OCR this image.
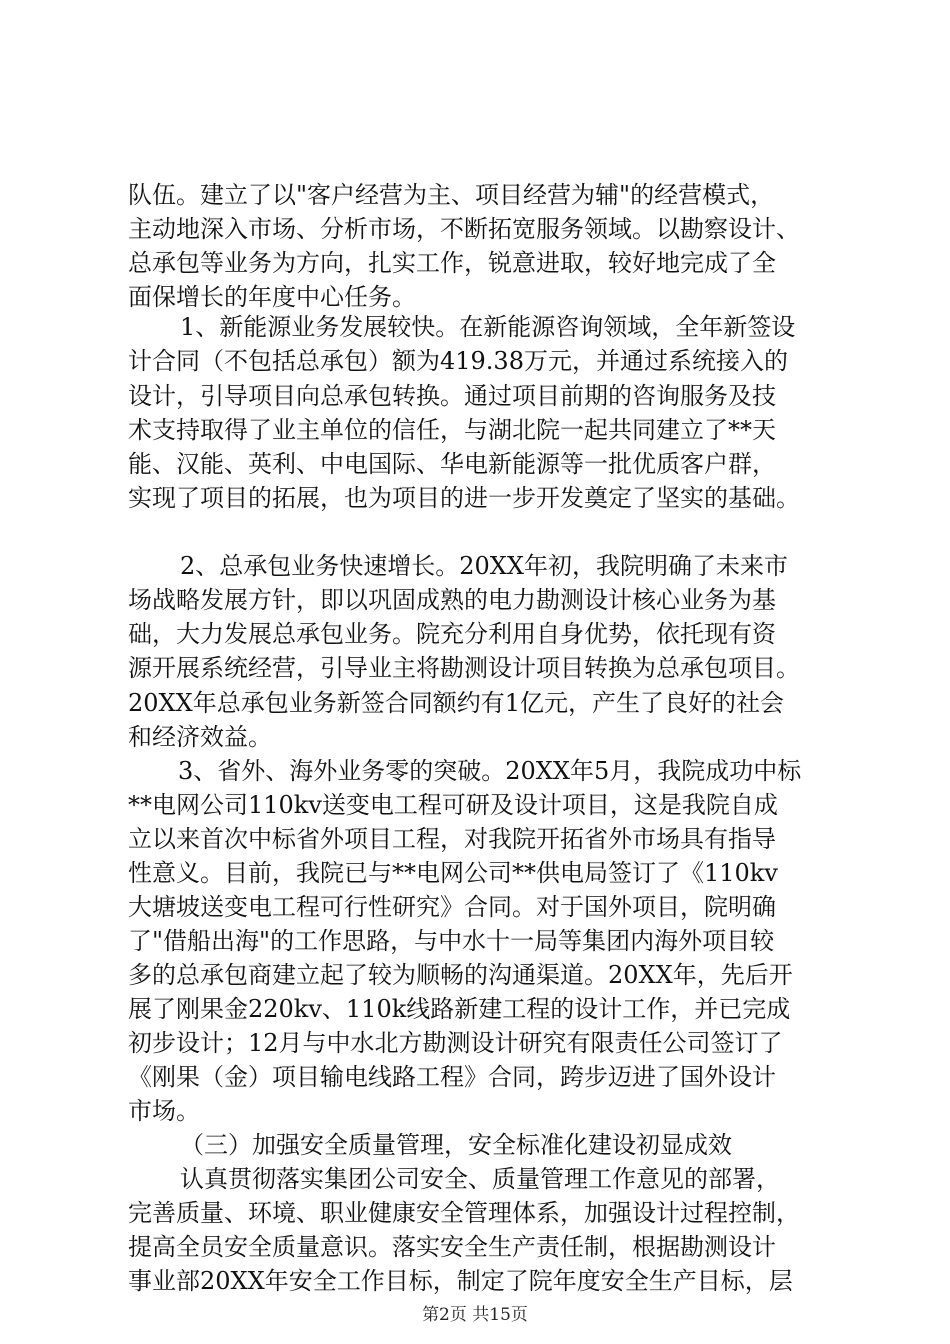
队伍。建立了以"客户经营为主、项目经营为辅"的经营模式，
主动地深入市场、分析市场，不断拓宽服务领域。以勘察设计、
总承包等业务为方向，扎实工作，锐意进取，较好地完成了全
面保增长的年度中心任务。
1、新能源业务发展较快。在新能源咨询领域，全年新签设
计合同（不包括总承包）额为419.38万元，并通过系统接入的
设计，引导项目向总承包转换。通过项目前期的咨询服务及技
术支持取得了业主单位的信任，与湖北院一起共同建立了**天
能、汉能、英利、中电国际、华电新能源等一批优质客户群，
实现了项目的拓展，也为项目的进一步开发奠定了坚实的基础。
2、总承包业务快速增长。20XX年初，我院明确了未来市
场战略发展方针，即以巩固成熟的电力勘测设计核心业务为基
础，大力发展总承包业务。院充分利用自身优势，依托现有资
源开展系统经营，引导业主将勘测设计项目转换为总承包项目。
20XX年总承包业务新签合同额约有1亿元，产生了良好的社会
和经济效益。
3、省外、海外业务零的突破。20XX年5月，我院成功中标
**电网公司110kv送变电工程可研及设计项目，这是我院自成
立以来首次中标省外项目工程，对我院开拓省外市场具有指导
性意义。目前，我院已与**电网公司**供电局签订了《110kv
大塘坡送变电工程可行性研究》合同。对于国外项目，院明确
了"借船出海"的工作思路，与中水十一局等集团内海外项目较
多的总承包商建立起了较为顺畅的沟通渠道。20XX年，先后开
展了刚果金220kv、110k线路新建工程的设计工作，并已完成
初步设计；12月与中水北方勘测设计研究有限责任公司签订了
《刚果（金）项目输电线路工程》合同，跨步迈进了国外设计
市场。
（三）加强安全质量管理，安全标准化建设初显成效
认真贯彻落实集团公司安全、质量管理工作意见的部署，
完善质量、环境、职业健康安全管理体系，加强设计过程控制，
提高全员安全质量意识。落实安全生产责任制，根据勘测设计
事业部20XX年安全工作目标，制定了院年度安全生产目标，层
第2页 共15页
